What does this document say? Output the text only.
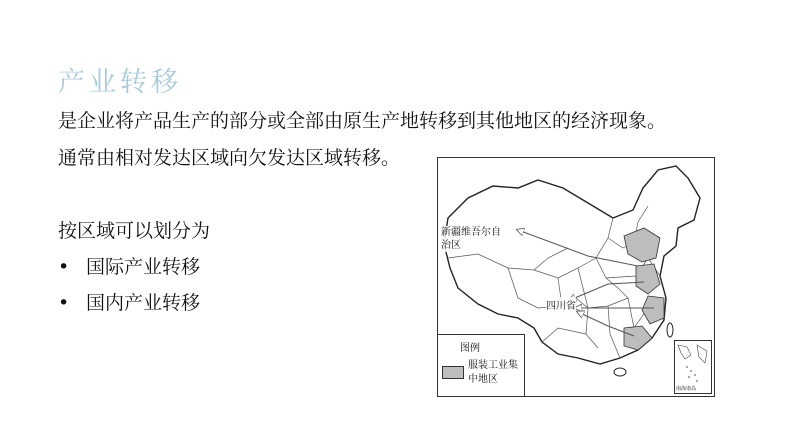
产业转移
是企业将产品生产的部分或全部由原生产地转移到其他地区的经济现象。
通常由相对发达区域向欠发达区域转移。
按区域可以划分为
• 国际产业转移
• 国内产业转移
新疆维吾尔自治区
四川省
图例
服装工业集中地区
南海诸岛
